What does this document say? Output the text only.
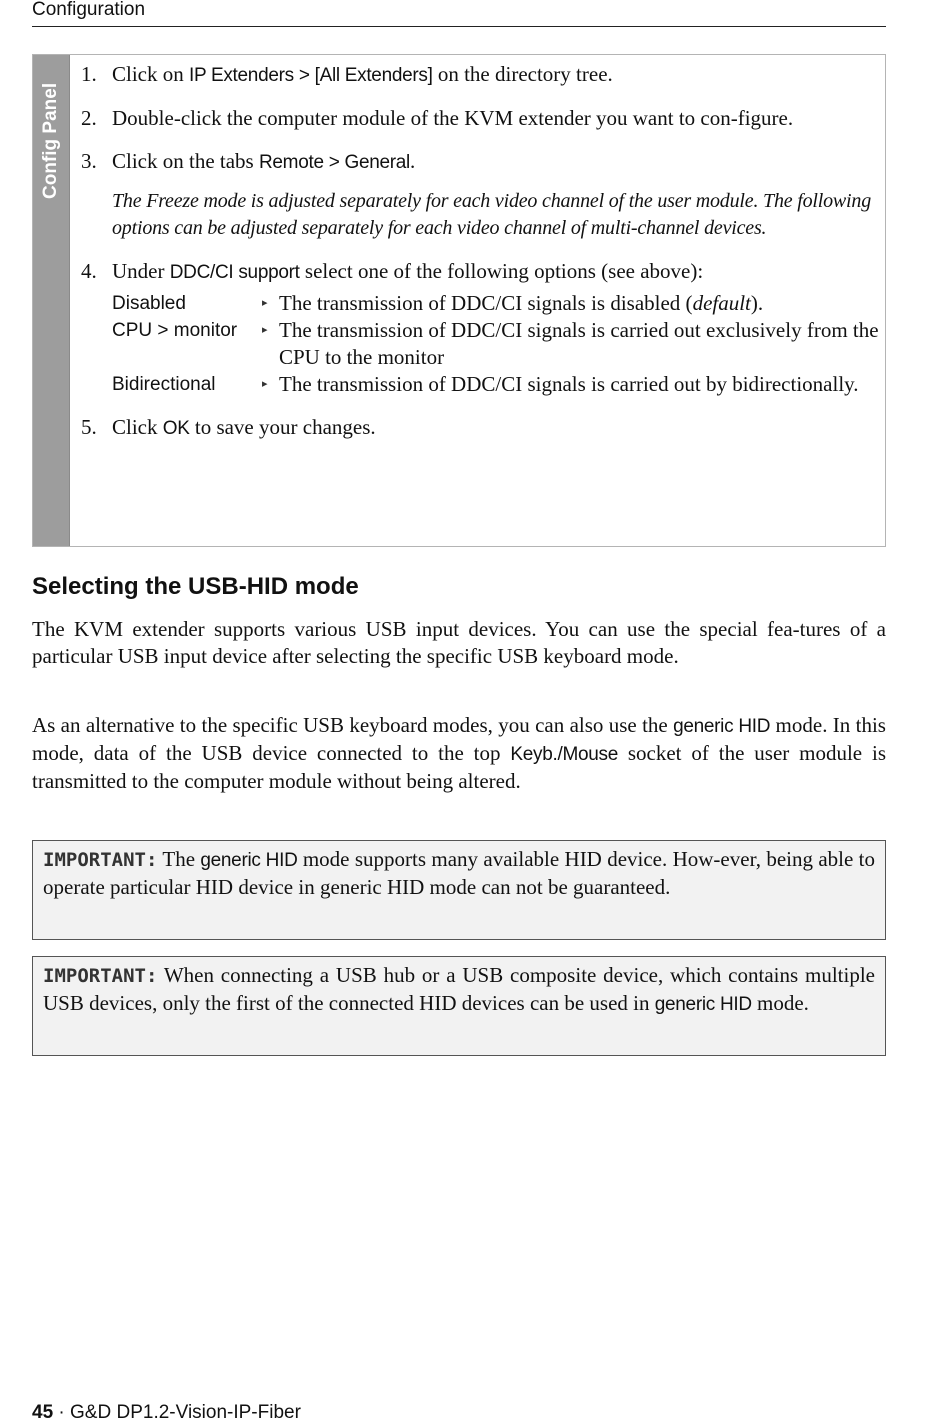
Configuration
Config Panel
1. Click on IP Extenders > [All Extenders] on the directory tree.
2. Double-click the computer module of the KVM extender you want to con-figure.
3. Click on the tabs Remote > General.
The Freeze mode is adjusted separately for each video channel of the user module. The following options can be adjusted separately for each video channel of multi-channel devices.
4. Under DDC/CI support select one of the following options (see above):
Disabled	▸ The transmission of DDC/CI signals is disabled (default).
CPU > monitor	▸ The transmission of DDC/CI signals is carried out exclusively from the CPU to the monitor
Bidirectional	▸ The transmission of DDC/CI signals is carried out by bidirectionally.
5. Click OK to save your changes.
Selecting the USB-HID mode

The KVM extender supports various USB input devices. You can use the special fea-tures of a particular USB input device after selecting the specific USB keyboard mode.

As an alternative to the specific USB keyboard modes, you can also use the generic HID mode. In this mode, data of the USB device connected to the top Keyb./Mouse socket of the user module is transmitted to the computer module without being altered.

IMPORTANT: The generic HID mode supports many available HID device. How-ever, being able to operate particular HID device in generic HID mode can not be guaranteed.
IMPORTANT: When connecting a USB hub or a USB composite device, which contains multiple USB devices, only the first of the connected HID devices can be used in generic HID mode.
45 · G&D DP1.2-Vision-IP-Fiber
